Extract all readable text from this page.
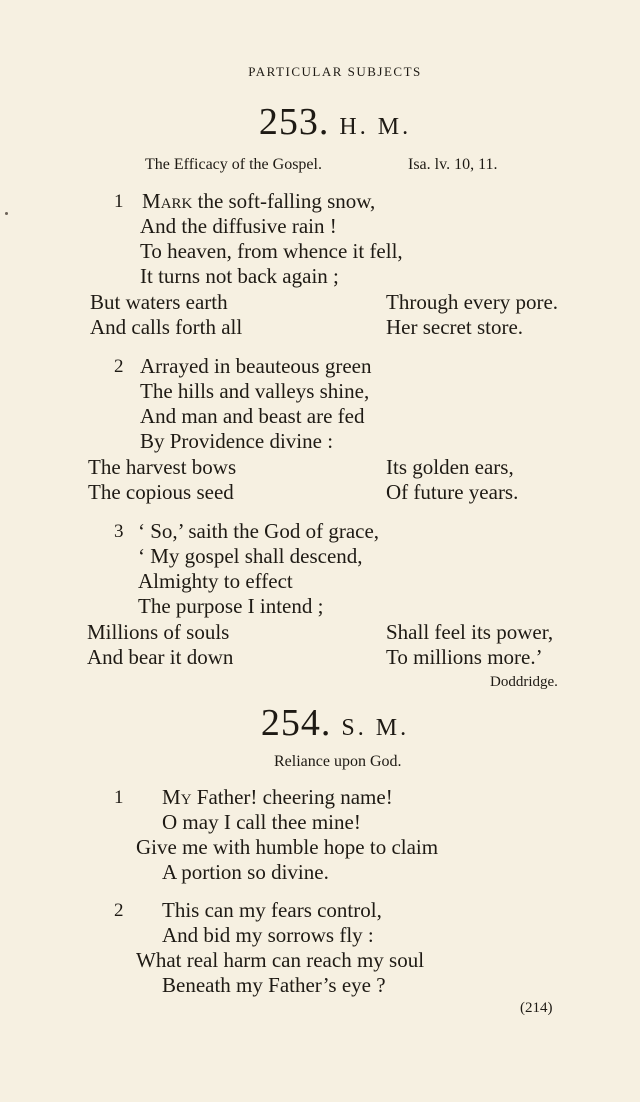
PARTICULAR SUBJECTS
253. H. M.
The Efficacy of the Gospel.	Isa. lv. 10, 11.
1 Mark the soft-falling snow,
And the diffusive rain !
To heaven, from whence it fell,
It turns not back again ;
But waters earth	Through every pore.
And calls forth all	Her secret store.
2 Arrayed in beauteous green
The hills and valleys shine,
And man and beast are fed
By Providence divine :
The harvest bows	Its golden ears,
The copious seed	Of future years.
3 ‘ So,’ saith the God of grace,
‘ My gospel shall descend,
Almighty to effect
The purpose I intend ;
Millions of souls	Shall feel its power,
And bear it down	To millions more.’
Doddridge.
254. S. M.
Reliance upon God.
1 My Father! cheering name!
O may I call thee mine!
Give me with humble hope to claim
A portion so divine.
2 This can my fears control,
And bid my sorrows fly :
What real harm can reach my soul
Beneath my Father’s eye ?
(214)
